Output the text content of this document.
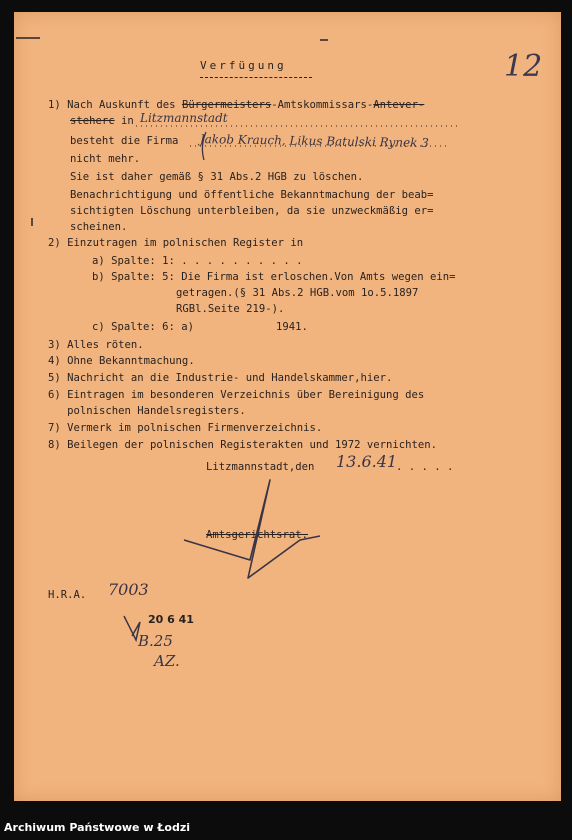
12
Verfügung
1) Nach Auskunft des Bürgermeisters-Amtskommissars-Antever-
steherc in Litzmannstadt
besteht die Firma Jakob Krauch, Likus Batulski Rynek 3
nicht mehr.
Sie ist daher gemäß § 31 Abs.2 HGB zu löschen.
Benachrichtigung und öffentliche Bekanntmachung der beab=
sichtigten Löschung unterbleiben, da sie unzweckmäßig er=
scheinen.
2) Einzutragen im polnischen Register in
a) Spalte: 1: . . . . . . . . . .
b) Spalte: 5: Die Firma ist erloschen.Von Amts wegen ein=
getragen.(§ 31 Abs.2 HGB.vom 1o.5.1897
RGBl.Seite 219-).
c) Spalte: 6: a)	1941.
3) Alles röten.
4) Ohne Bekanntmachung.
5) Nachricht an die Industrie- und Handelskammer,hier.
6) Eintragen im besonderen Verzeichnis über Bereinigung des
polnischen Handelsregisters.
7) Vermerk im polnischen Firmenverzeichnis.
8) Beilegen der polnischen Registerakten und 1972 vernichten.
Litzmannstadt,den 13.6.41
. . . . .
Amtsgerichtsrat.
H.R.A. 7003
20 6 41
B.25
AZ.
Archiwum Państwowe w Łodzi
